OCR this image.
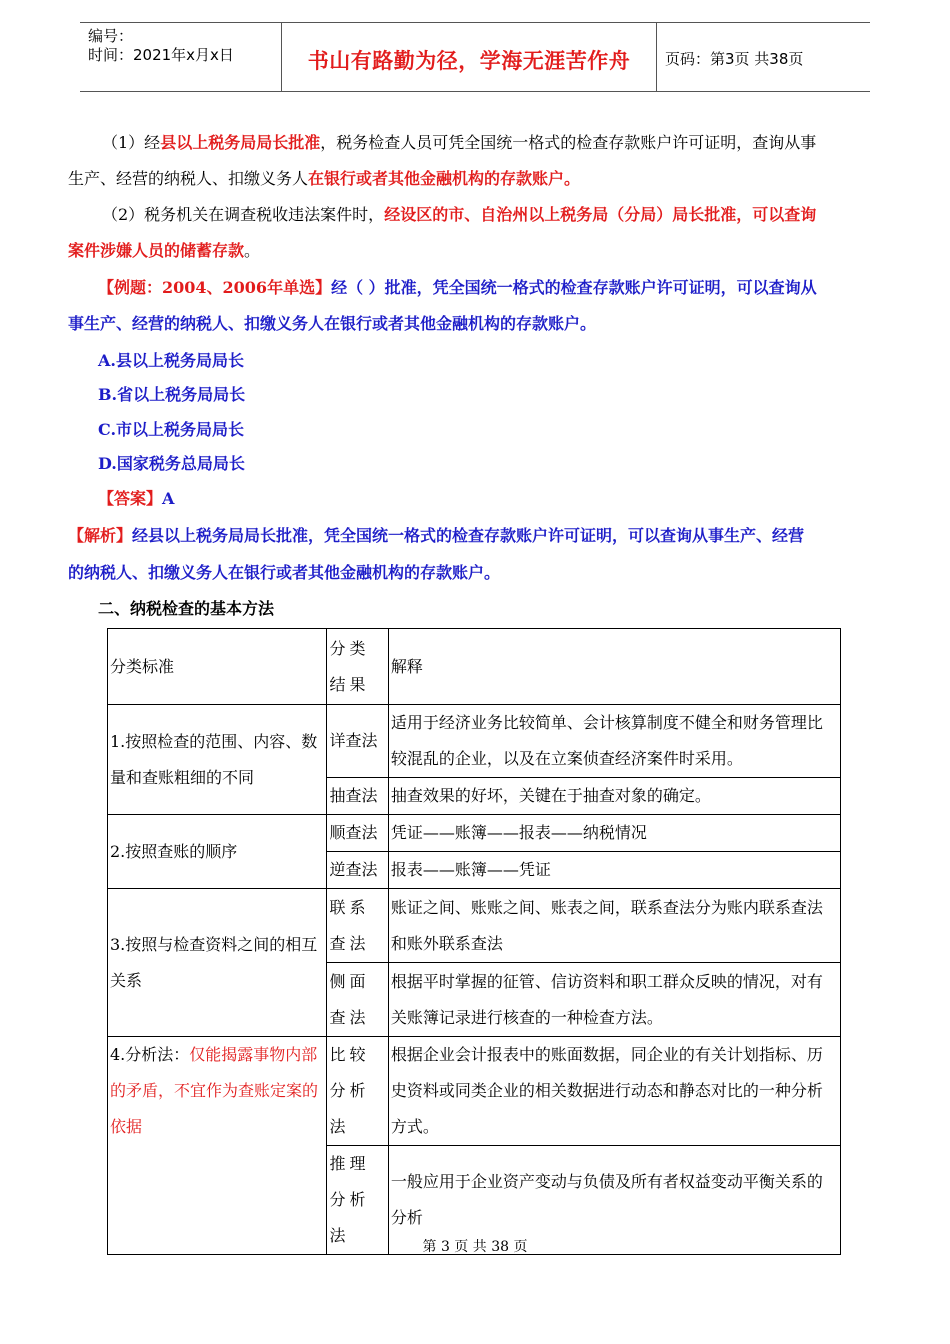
编号：
时间：2021年x月x日	书山有路勤为径，学海无涯苦作舟	页码：第3页 共38页
（1）经县以上税务局局长批准，税务检查人员可凭全国统一格式的检查存款账户许可证明，查询从事
生产、经营的纳税人、扣缴义务人在银行或者其他金融机构的存款账户。
（2）税务机关在调查税收违法案件时，经设区的市、自治州以上税务局（分局）局长批准，可以查询
案件涉嫌人员的储蓄存款。
【例题：2004、2006年单选】经（ ）批准，凭全国统一格式的检查存款账户许可证明，可以查询从
事生产、经营的纳税人、扣缴义务人在银行或者其他金融机构的存款账户。
A.县以上税务局局长
B.省以上税务局局长
C.市以上税务局局长
D.国家税务总局局长
【答案】A
【解析】经县以上税务局局长批准，凭全国统一格式的检查存款账户许可证明，可以查询从事生产、经营
的纳税人、扣缴义务人在银行或者其他金融机构的存款账户。
二、纳税检查的基本方法
分类标准	分类结果	解释
1.按照检查的范围、内容、数量和查账粗细的不同	详查法	适用于经济业务比较简单、会计核算制度不健全和财务管理比较混乱的企业，以及在立案侦查经济案件时采用。
	抽查法	抽查效果的好坏，关键在于抽查对象的确定。
2.按照查账的顺序	顺查法	凭证——账簿——报表——纳税情况
	逆查法	报表——账簿——凭证
3.按照与检查资料之间的相互关系	联系查法	账证之间、账账之间、账表之间，联系查法分为账内联系查法和账外联系查法
	侧面查法	根据平时掌握的征管、信访资料和职工群众反映的情况，对有关账簿记录进行核查的一种检查方法。
4.分析法：仅能揭露事物内部的矛盾，不宜作为查账定案的依据	比较分析法	根据企业会计报表中的账面数据，同企业的有关计划指标、历史资料或同类企业的相关数据进行动态和静态对比的一种分析方式。
	推理分析法	一般应用于企业资产变动与负债及所有者权益变动平衡关系的分析
第 3 页 共 38 页
